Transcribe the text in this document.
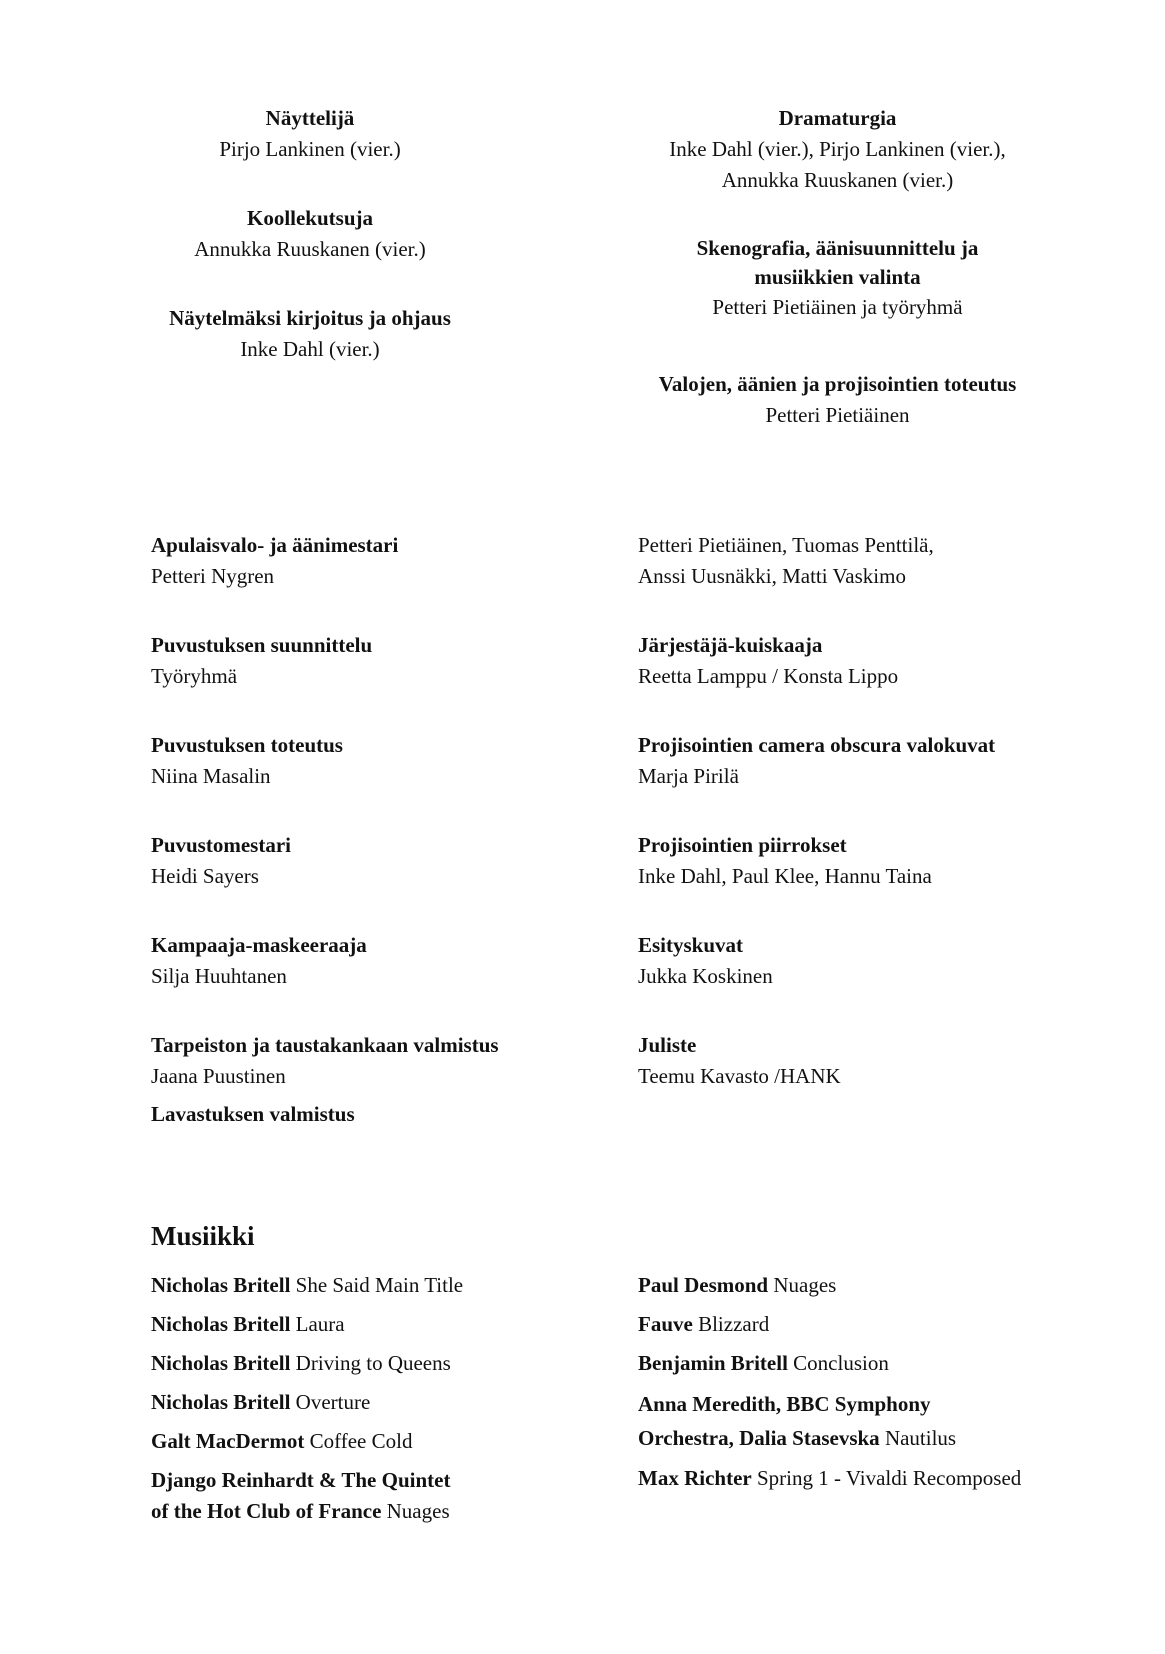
Näyttelijä
Pirjo Lankinen (vier.)
Koollekutsuja
Annukka Ruuskanen (vier.)
Näytelmäksi kirjoitus ja ohjaus
Inke Dahl (vier.)
Dramaturgia
Inke Dahl (vier.), Pirjo Lankinen (vier.),
Annukka Ruuskanen (vier.)
Skenografia, äänisuunnittelu ja
musiikkien valinta
Petteri Pietiäinen ja työryhmä
Valojen, äänien ja projisointien toteutus
Petteri Pietiäinen
Apulaisvalo- ja äänimestari
Petteri Nygren
Puvustuksen suunnittelu
Työryhmä
Puvustuksen toteutus
Niina Masalin
Puvustomestari
Heidi Sayers
Kampaaja-maskeeraaja
Silja Huuhtanen
Tarpeiston ja taustakankaan valmistus
Jaana Puustinen
Lavastuksen valmistus
Petteri Pietiäinen, Tuomas Penttilä,
Anssi Uusnäkki, Matti Vaskimo
Järjestäjä-kuiskaaja
Reetta Lamppu / Konsta Lippo
Projisointien camera obscura valokuvat
Marja Pirilä
Projisointien piirrokset
Inke Dahl, Paul Klee, Hannu Taina
Esityskuvat
Jukka Koskinen
Juliste
Teemu Kavasto /HANK
Musiikki
Nicholas Britell She Said Main Title
Nicholas Britell Laura
Nicholas Britell Driving to Queens
Nicholas Britell Overture
Galt MacDermot Coffee Cold
Django Reinhardt & The Quintet
of the Hot Club of France Nuages
Paul Desmond Nuages
Fauve Blizzard
Benjamin Britell Conclusion
Anna Meredith, BBC Symphony
Orchestra, Dalia Stasevska Nautilus
Max Richter Spring 1 - Vivaldi Recomposed
